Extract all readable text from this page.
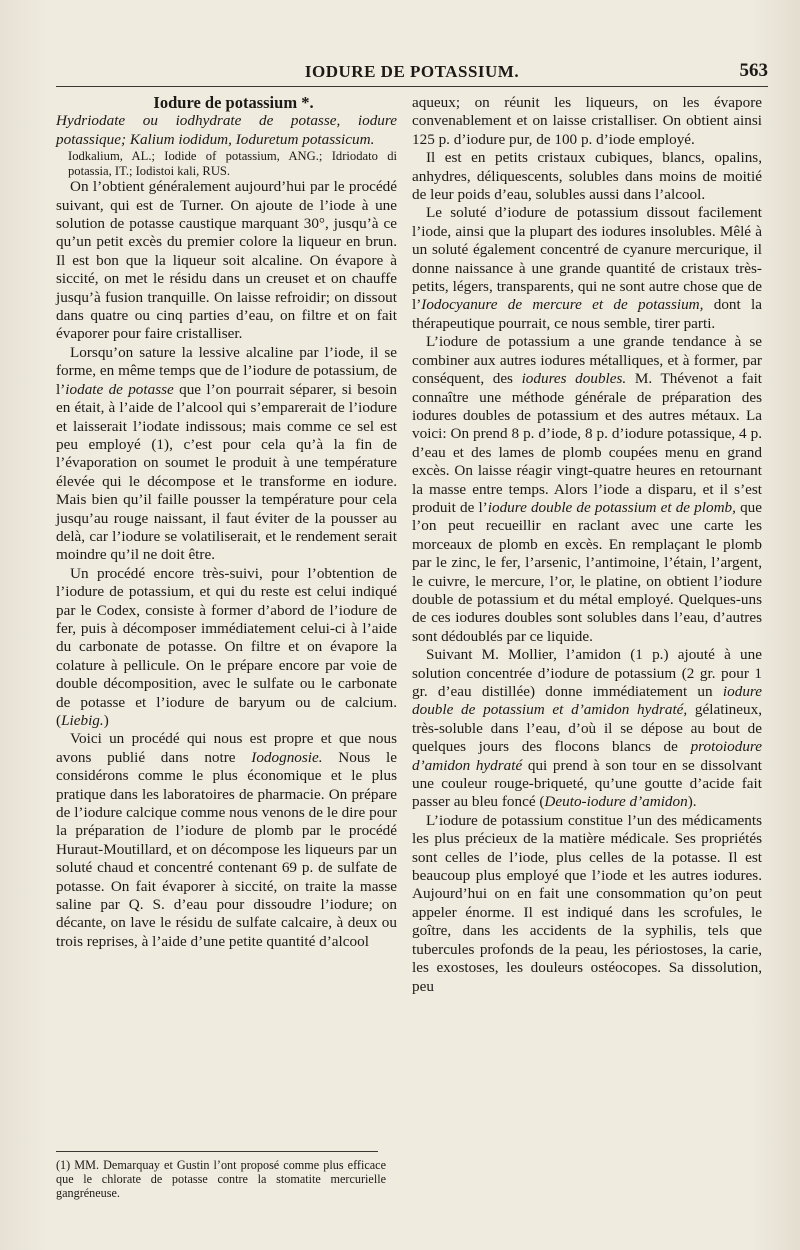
IODURE DE POTASSIUM.	563

Iodure de potassium *.

Hydriodate ou iodhydrate de potasse, iodure potassique; Kalium iodidum, Ioduretum potassicum.

Iodkalium, AL.; Iodide of potassium, ANG.; Idriodato di potassia, IT.; Iodistoi kali, RUS.

On l’obtient généralement aujourd’hui par le procédé suivant, qui est de Turner. On ajoute de l’iode à une solution de potasse caustique marquant 30°, jusqu’à ce qu’un petit excès du premier colore la liqueur en brun. Il est bon que la liqueur soit alcaline. On évapore à siccité, on met le résidu dans un creuset et on chauffe jusqu’à fusion tranquille. On laisse refroidir; on dissout dans quatre ou cinq parties d’eau, on filtre et on fait évaporer pour faire cristalliser.

Lorsqu’on sature la lessive alcaline par l’iode, il se forme, en même temps que de l’iodure de potassium, de l’iodate de potasse que l’on pourrait séparer, si besoin en était, à l’aide de l’alcool qui s’emparerait de l’iodure et laisserait l’iodate indissous; mais comme ce sel est peu employé (1), c’est pour cela qu’à la fin de l’évaporation on soumet le produit à une température élevée qui le décompose et le transforme en iodure. Mais bien qu’il faille pousser la température pour cela jusqu’au rouge naissant, il faut éviter de la pousser au delà, car l’iodure se volatiliserait, et le rendement serait moindre qu’il ne doit être.

Un procédé encore très-suivi, pour l’obtention de l’iodure de potassium, et qui du reste est celui indiqué par le Codex, consiste à former d’abord de l’iodure de fer, puis à décomposer immédiatement celui-ci à l’aide du carbonate de potasse. On filtre et on évapore la colature à pellicule. On le prépare encore par voie de double décomposition, avec le sulfate ou le carbonate de potasse et l’iodure de baryum ou de calcium. (Liebig.)

Voici un procédé qui nous est propre et que nous avons publié dans notre Iodognosie. Nous le considérons comme le plus économique et le plus pratique dans les laboratoires de pharmacie. On prépare de l’iodure calcique comme nous venons de le dire pour la préparation de l’iodure de plomb par le procédé Huraut-Moutillard, et on décompose les liqueurs par un soluté chaud et concentré contenant 69 p. de sulfate de potasse. On fait évaporer à siccité, on traite la masse saline par Q. S. d’eau pour dissoudre l’iodure; on décante, on lave le résidu de sulfate calcaire, à deux ou trois reprises, à l’aide d’une petite quantité d’alcool

aqueux; on réunit les liqueurs, on les évapore convenablement et on laisse cristalliser. On obtient ainsi 125 p. d’iodure pur, de 100 p. d’iode employé.

Il est en petits cristaux cubiques, blancs, opalins, anhydres, déliquescents, solubles dans moins de moitié de leur poids d’eau, solubles aussi dans l’alcool.

Le soluté d’iodure de potassium dissout facilement l’iode, ainsi que la plupart des iodures insolubles. Mêlé à un soluté également concentré de cyanure mercurique, il donne naissance à une grande quantité de cristaux très-petits, légers, transparents, qui ne sont autre chose que de l’Iodocyanure de mercure et de potassium, dont la thérapeutique pourrait, ce nous semble, tirer parti.

L’iodure de potassium a une grande tendance à se combiner aux autres iodures métalliques, et à former, par conséquent, des iodures doubles. M. Thévenot a fait connaître une méthode générale de préparation des iodures doubles de potassium et des autres métaux. La voici: On prend 8 p. d’iode, 8 p. d’iodure potassique, 4 p. d’eau et des lames de plomb coupées menu en grand excès. On laisse réagir vingt-quatre heures en retournant la masse entre temps. Alors l’iode a disparu, et il s’est produit de l’iodure double de potassium et de plomb, que l’on peut recueillir en raclant avec une carte les morceaux de plomb en excès. En remplaçant le plomb par le zinc, le fer, l’arsenic, l’antimoine, l’étain, l’argent, le cuivre, le mercure, l’or, le platine, on obtient l’iodure double de potassium et du métal employé. Quelques-uns de ces iodures doubles sont solubles dans l’eau, d’autres sont dédoublés par ce liquide.

Suivant M. Mollier, l’amidon (1 p.) ajouté à une solution concentrée d’iodure de potassium (2 gr. pour 1 gr. d’eau distillée) donne immédiatement un iodure double de potassium et d’amidon hydraté, gélatineux, très-soluble dans l’eau, d’où il se dépose au bout de quelques jours des flocons blancs de protoiodure d’amidon hydraté qui prend à son tour en se dissolvant une couleur rouge-briqueté, qu’une goutte d’acide fait passer au bleu foncé (Deuto-iodure d’amidon).

L’iodure de potassium constitue l’un des médicaments les plus précieux de la matière médicale. Ses propriétés sont celles de l’iode, plus celles de la potasse. Il est beaucoup plus employé que l’iode et les autres iodures. Aujourd’hui on en fait une consommation qu’on peut appeler énorme. Il est indiqué dans les scrofules, le goître, dans les accidents de la syphilis, tels que tubercules profonds de la peau, les périostoses, la carie, les exostoses, les douleurs ostéocopes. Sa dissolution, peu

(1) MM. Demarquay et Gustin l’ont proposé comme plus efficace que le chlorate de potasse contre la stomatite mercurielle gangréneuse.
